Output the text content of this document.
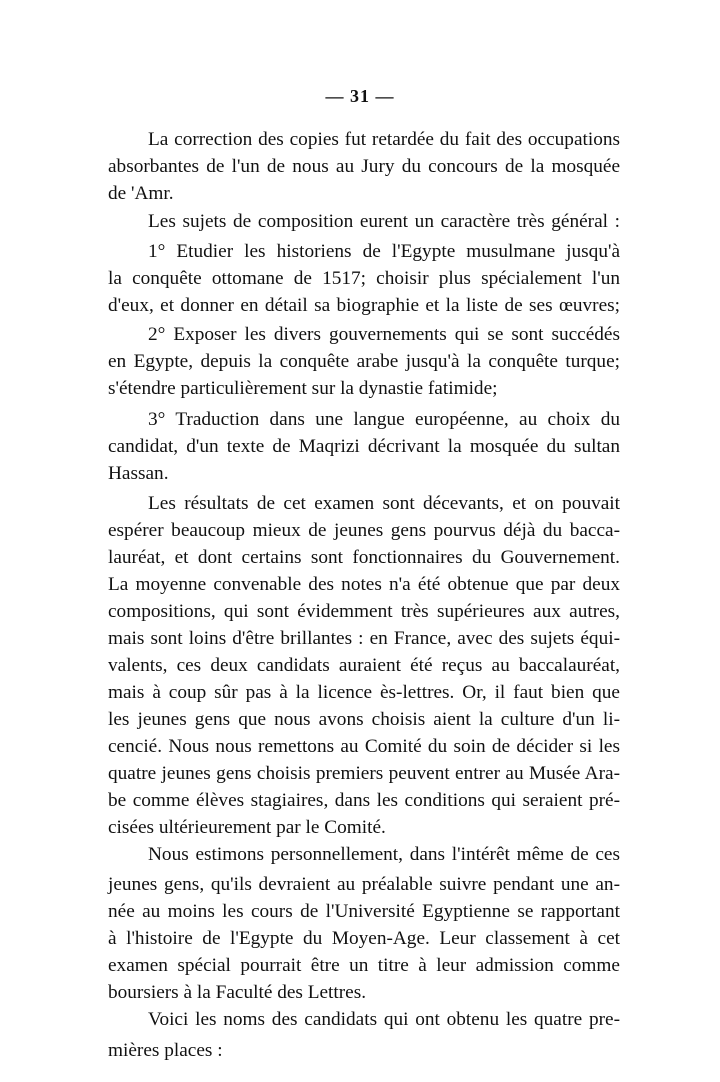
— 31 —
La correction des copies fut retardée du fait des occupations
absorbantes de l'un de nous au Jury du concours de la mosquée
de 'Amr.
Les sujets de composition eurent un caractère très général :
1° Etudier les historiens de l'Egypte musulmane jusqu'à
la conquête ottomane de 1517; choisir plus spécialement l'un
d'eux, et donner en détail sa biographie et la liste de ses œuvres;
2° Exposer les divers gouvernements qui se sont succédés
en Egypte, depuis la conquête arabe jusqu'à la conquête turque;
s'étendre particulièrement sur la dynastie fatimide;
3° Traduction dans une langue européenne, au choix du
candidat, d'un texte de Maqrizi décrivant la mosquée du sultan
Hassan.
Les résultats de cet examen sont décevants, et on pouvait
espérer beaucoup mieux de jeunes gens pourvus déjà du bacca-
lauréat, et dont certains sont fonctionnaires du Gouvernement.
La moyenne convenable des notes n'a été obtenue que par deux
compositions, qui sont évidemment très supérieures aux autres,
mais sont loins d'être brillantes : en France, avec des sujets équi-
valents, ces deux candidats auraient été reçus au baccalauréat,
mais à coup sûr pas à la licence ès-lettres. Or, il faut bien que
les jeunes gens que nous avons choisis aient la culture d'un li-
cencié. Nous nous remettons au Comité du soin de décider si les
quatre jeunes gens choisis premiers peuvent entrer au Musée Ara-
be comme élèves stagiaires, dans les conditions qui seraient pré-
cisées ultérieurement par le Comité.
Nous estimons personnellement, dans l'intérêt même de ces
jeunes gens, qu'ils devraient au préalable suivre pendant une an-
née au moins les cours de l'Université Egyptienne se rapportant
à l'histoire de l'Egypte du Moyen-Age. Leur classement à cet
examen spécial pourrait être un titre à leur admission comme
boursiers à la Faculté des Lettres.
Voici les noms des candidats qui ont obtenu les quatre pre-
mières places :
